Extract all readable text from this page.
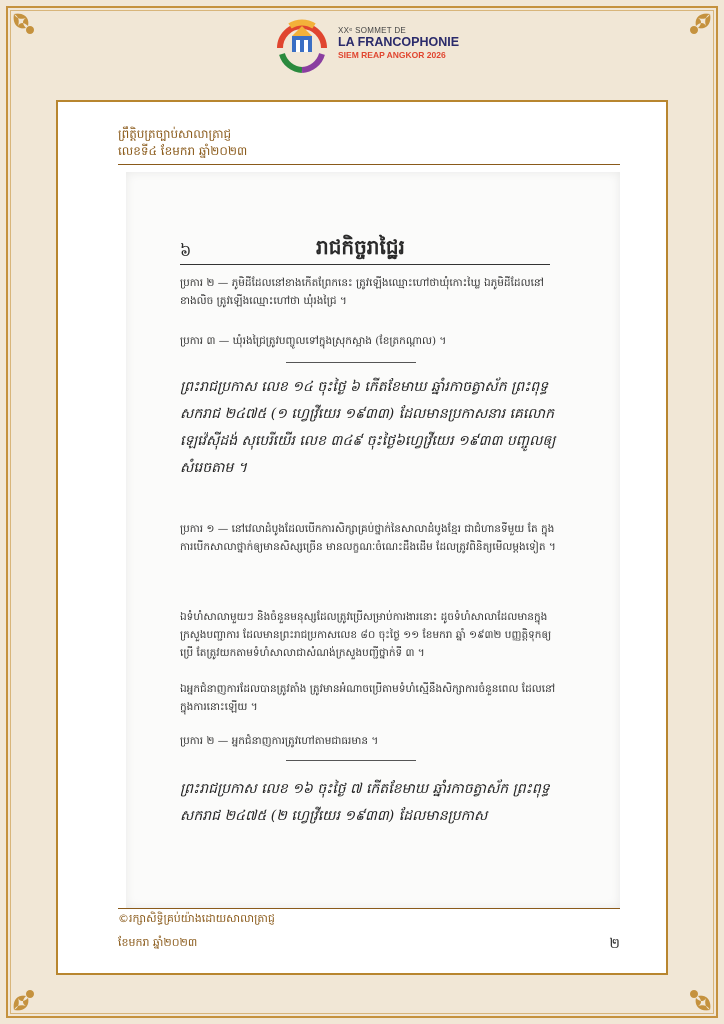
XXᵉ SOMMET DE
LA FRANCOPHONIE
SIEM REAP ANGKOR 2026
ព្រឹត្តិបត្រច្បាប់សាលាត្រាជ្ញ
លេខទី៤ ខែមករា ឆ្នាំ២០២៣
៦	រាជកិច្ចរាជ្ឋៃរ
ប្រការ ២ — ភូមិដីដែលនៅខាងកើតព្រែកនេះ ត្រូវឡើងឈ្មោះហៅថាឃុំកោះឃ្លៃ ឯភូមិដីដែលនៅខាងលិច ត្រូវឡើងឈ្មោះហៅថា ឃុំរងជ្រៃ ។
ប្រការ ៣ — ឃុំរងជ្រៃត្រូវបញ្ចូលទៅក្នុងស្រុកស្អាង (ខែត្រកណ្ដាល) ។
ព្រះរាជប្រកាស លេខ ១៤ ចុះថ្ងៃ ៦ កើតខែមាឃ ឆ្នាំរកាចត្វាស័ក ព្រះពុទ្ធសករាជ ២៤៧៥ (១ ហ្វេវ្រីយេរ ១៩៣៣) ដែលមានប្រកាសនារ គេលោក ឡេវ៉េស៊ីដង់ សុបេរីយើរ លេខ ៣៤៩ ចុះថ្ងៃ៦ហ្វេវ្រីយេរ ១៩៣៣ បញ្ចូលឲ្យសំរេចតាម ។
ប្រការ ១ — នៅវេលាដំបូងដែលបើកការសិក្សាគ្រប់ថ្នាក់នៃសាលាដំបូងខ្មែរ ជាជំហានទីមួយ តែ ក្នុងការបើកសាលាថ្នាក់ឲ្យមានសិស្សច្រើន មានលក្ខណៈចំណេះដឹងដើម ដែលត្រូវពិនិត្យមើលម្ដងទៀត ។
ឯទំហំសាលាមួយៗ និងចំនួនមនុស្សដែលត្រូវប្រើសម្រាប់ការងារនោះ ដូចទំហំសាលាដែលមានក្នុងក្រសួងបញ្ជាការ ដែលមានព្រះរាជប្រកាសលេខ ៨០ ចុះថ្ងៃ ១១ ខែមករា ឆ្នាំ ១៩៣២ បញ្ញត្តិទុកឲ្យប្រើ តែត្រូវយកតាមទំហំសាលាជាសំណង់ក្រសួងបញ្ជីថ្នាក់ទី ៣ ។
ឯអ្នកជំនាញការដែលបានត្រូវតាំង ត្រូវមានអំណាចប្រើតាមទំហំស្មើនឹងសិក្សាការចំនួនពេល ដែលនៅក្នុងការនោះឡើយ ។
ប្រការ ២ — អ្នកជំនាញការត្រូវហៅតាមជាធរមាន ។
ព្រះរាជប្រកាស លេខ ១៦ ចុះថ្ងៃ ៧ កើតខែមាឃ ឆ្នាំរកាចត្វាស័ក ព្រះពុទ្ធសករាជ ២៤៧៥ (២ ហ្វេវ្រីយេរ ១៩៣៣) ដែលមានប្រកាស
©រក្សាសិទ្ធិគ្រប់យ៉ាងដោយសាលាត្រាជ្ញ
ខែមករា ឆ្នាំ២០២៣	២
